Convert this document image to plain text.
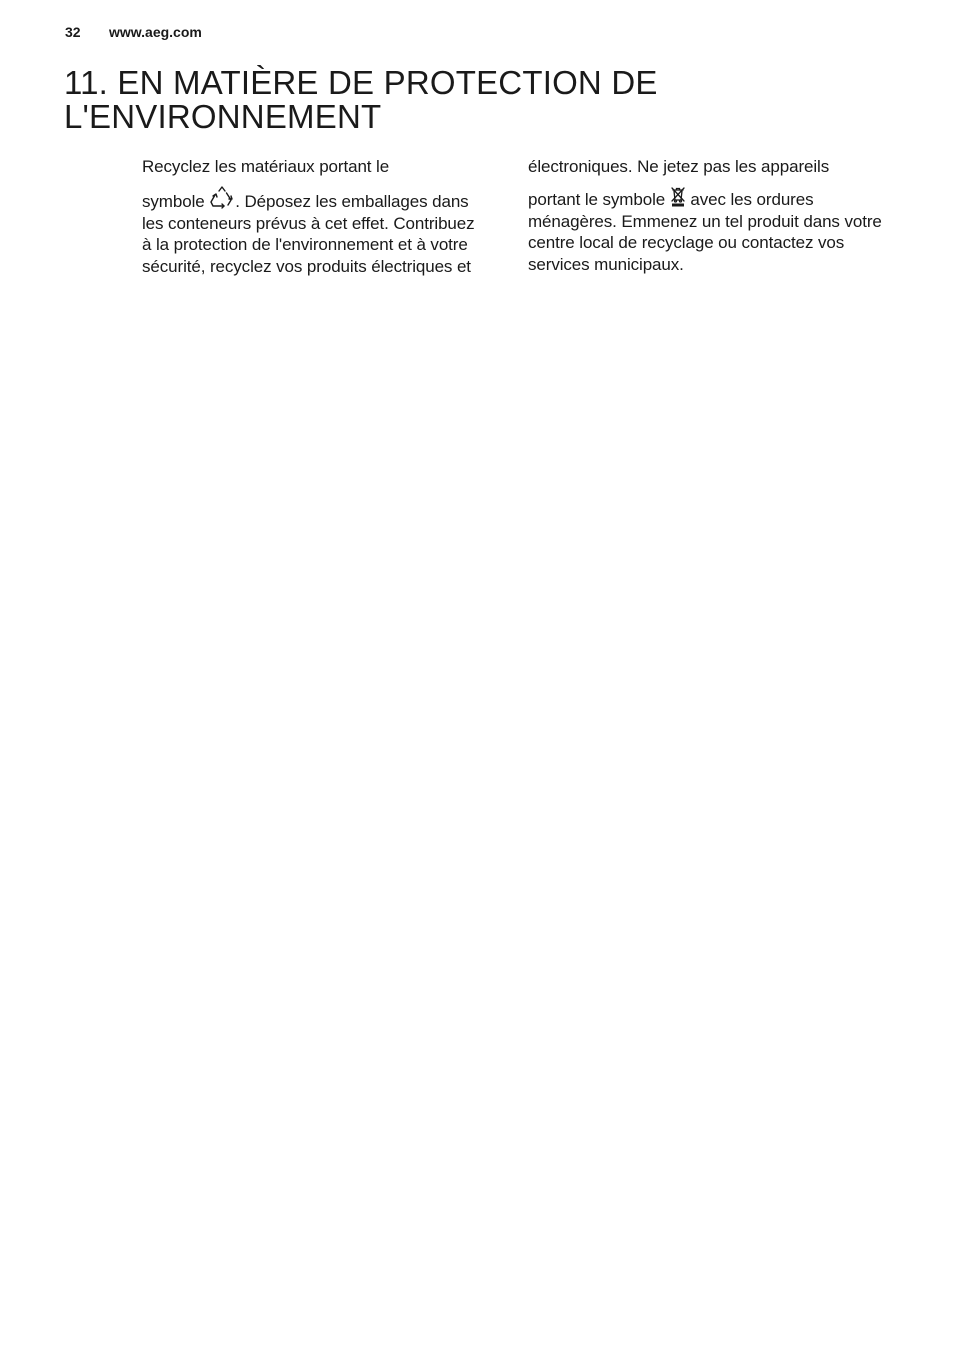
32	www.aeg.com
11. EN MATIÈRE DE PROTECTION DE L'ENVIRONNEMENT

Recyclez les matériaux portant le
symbole
. Déposez les emballages dans les conteneurs prévus à cet effet. Contribuez à la protection de l'environnement et à votre sécurité, recyclez vos produits électriques et

électroniques. Ne jetez pas les appareils
portant le symbole
avec les ordures ménagères. Emmenez un tel produit dans votre centre local de recyclage ou contactez vos services municipaux.
